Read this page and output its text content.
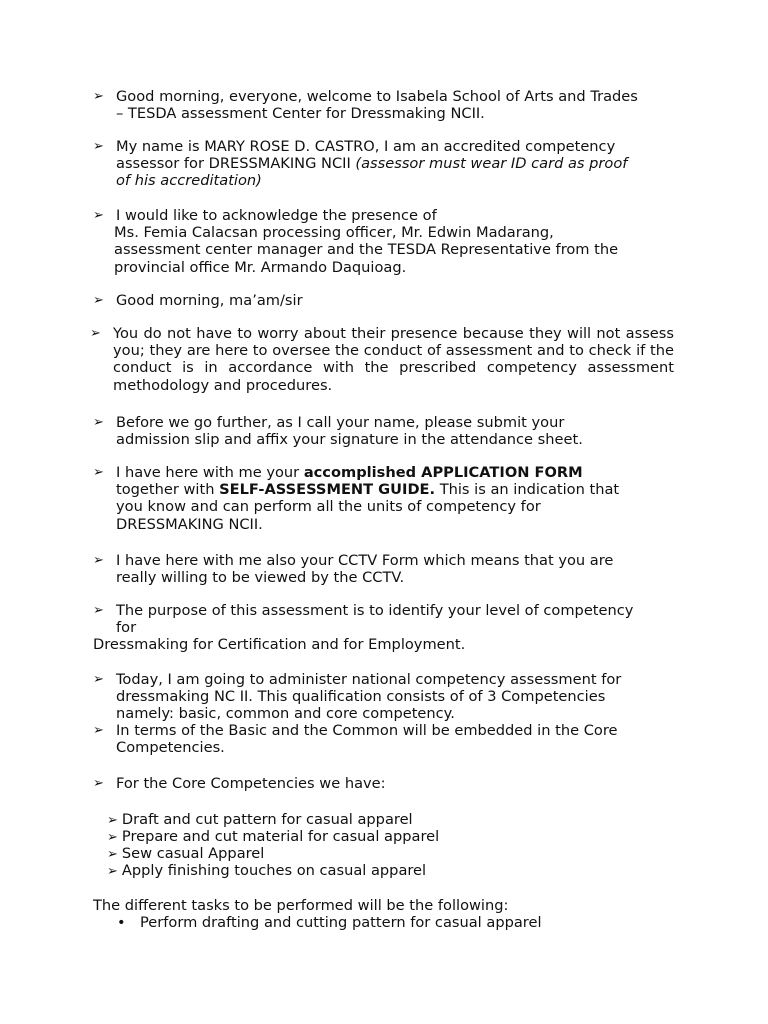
➢ Good morning, everyone, welcome to Isabela School of Arts and Trades
– TESDA assessment Center for Dressmaking NCII.
➢ My name is MARY ROSE D. CASTRO, I am an accredited competency
assessor for DRESSMAKING NCII (assessor must wear ID card as proof
of his accreditation)
➢ I would like to acknowledge the presence of
Ms. Femia Calacsan processing officer, Mr. Edwin Madarang,
assessment center manager and the TESDA Representative from the
provincial office Mr. Armando Daquioag.
➢ Good morning, ma’am/sir
➢ You do not have to worry about their presence because they will not assess you; they are here to oversee the conduct of assessment and to check if the conduct is in accordance with the prescribed competency assessment methodology and procedures.
➢ Before we go further, as I call your name, please submit your
admission slip and affix your signature in the attendance sheet.
➢ I have here with me your accomplished APPLICATION FORM
together with SELF-ASSESSMENT GUIDE. This is an indication that
you know and can perform all the units of competency for
DRESSMAKING NCII.
➢ I have here with me also your CCTV Form which means that you are
really willing to be viewed by the CCTV.
➢ The purpose of this assessment is to identify your level of competency
for

Dressmaking for Certification and for Employment.
➢ Today, I am going to administer national competency assessment for
dressmaking NC II. This qualification consists of of 3 Competencies
namely: basic, common and core competency.
➢ In terms of the Basic and the Common will be embedded in the Core
Competencies.
➢ For the Core Competencies we have:
➢ Draft and cut pattern for casual apparel
➢ Prepare and cut material for casual apparel
➢ Sew casual Apparel
➢ Apply finishing touches on casual apparel
The different tasks to be performed will be the following:
• Perform drafting and cutting pattern for casual apparel
